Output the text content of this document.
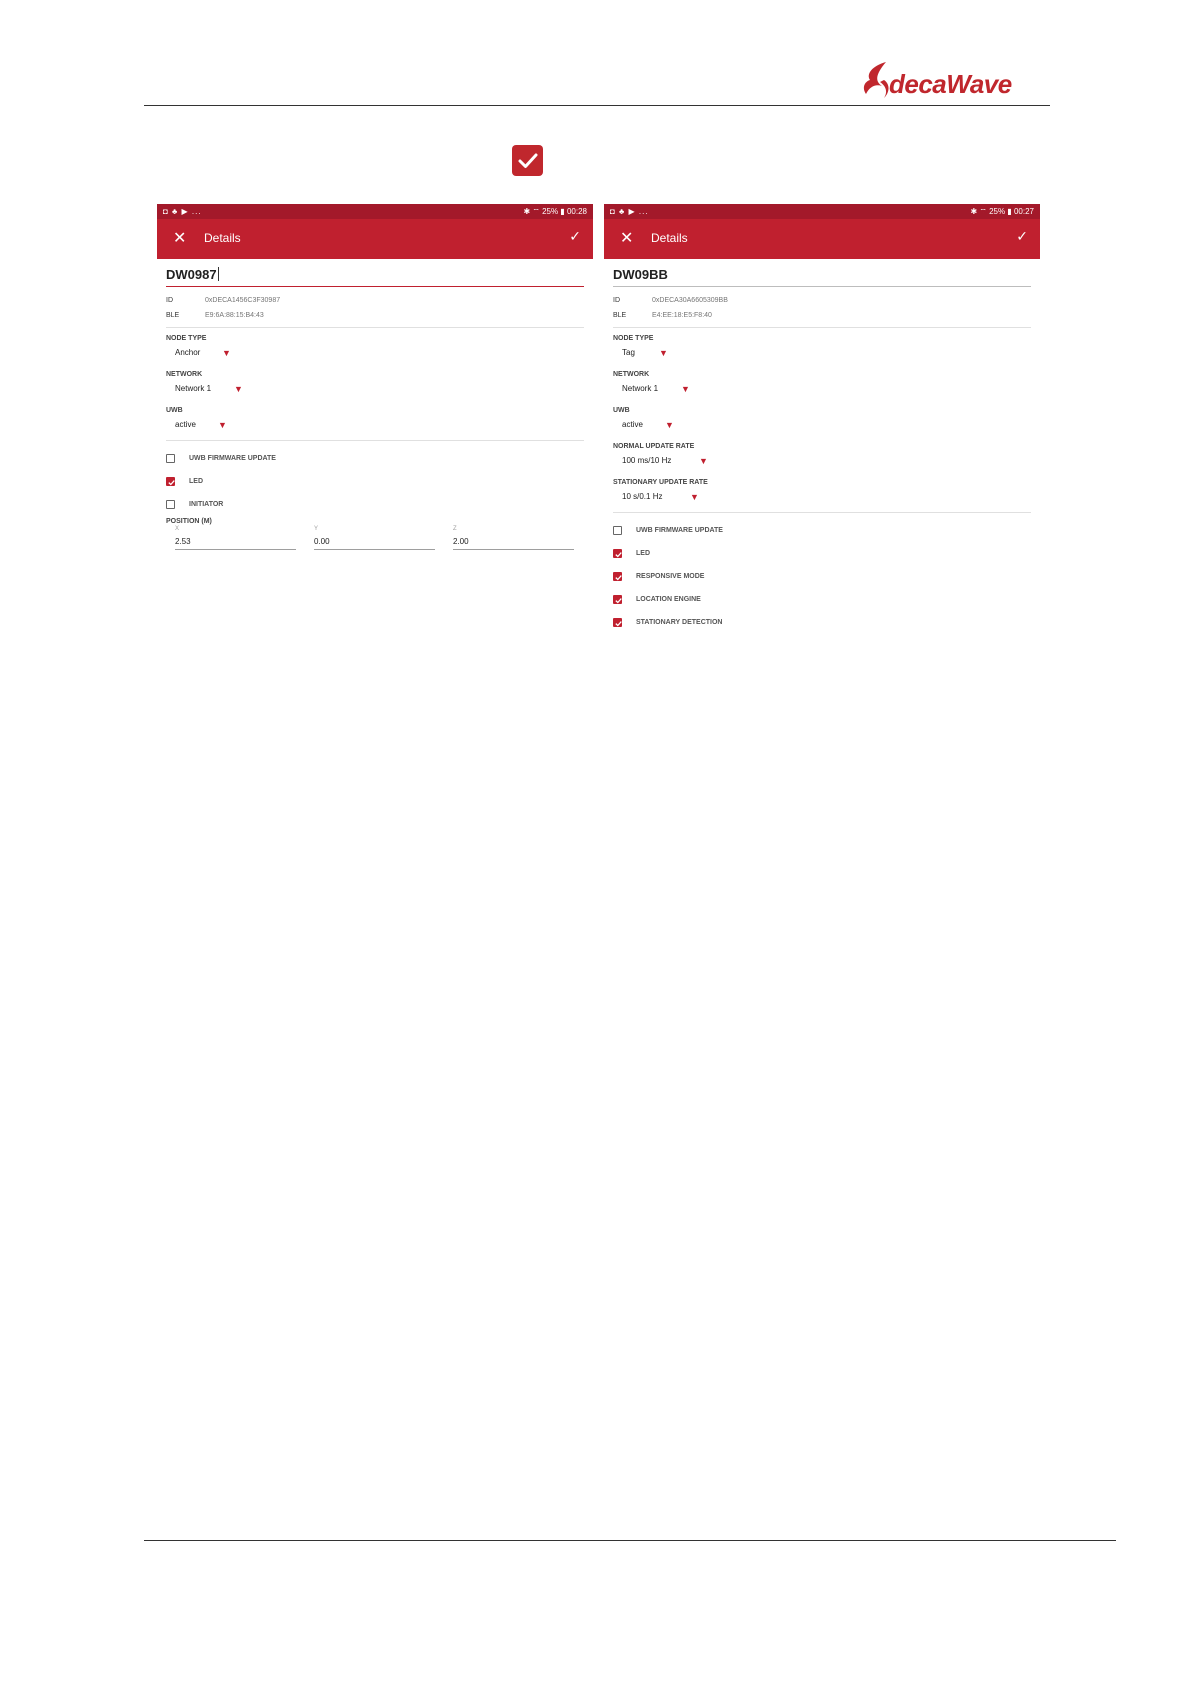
decaWave
◘ ♣ ▶ ...	✱ ⌔ 25% ▮ 00:28
✕ Details	✓
DW0987
ID	0xDECA1456C3F30987
BLE	E9:6A:88:15:B4:43
NODE TYPE
Anchor ▼
NETWORK
Network 1	▼
UWB
active ▼
UWB FIRMWARE UPDATE
LED
INITIATOR
POSITION (M)
X
2.53
Y
0.00
Z
2.00
◘ ♣ ▶ ...	✱ ⌔ 25% ▮ 00:27
✕ Details	✓
DW09BB
ID	0xDECA30A6605309BB
BLE	E4:EE:18:E5:F8:40
NODE TYPE
Tag	▼
NETWORK
Network 1	▼
UWB
active ▼
NORMAL UPDATE RATE
100 ms/10 Hz	▼
STATIONARY UPDATE RATE
10 s/0.1 Hz	▼
UWB FIRMWARE UPDATE
LED
RESPONSIVE MODE
LOCATION ENGINE
STATIONARY DETECTION
